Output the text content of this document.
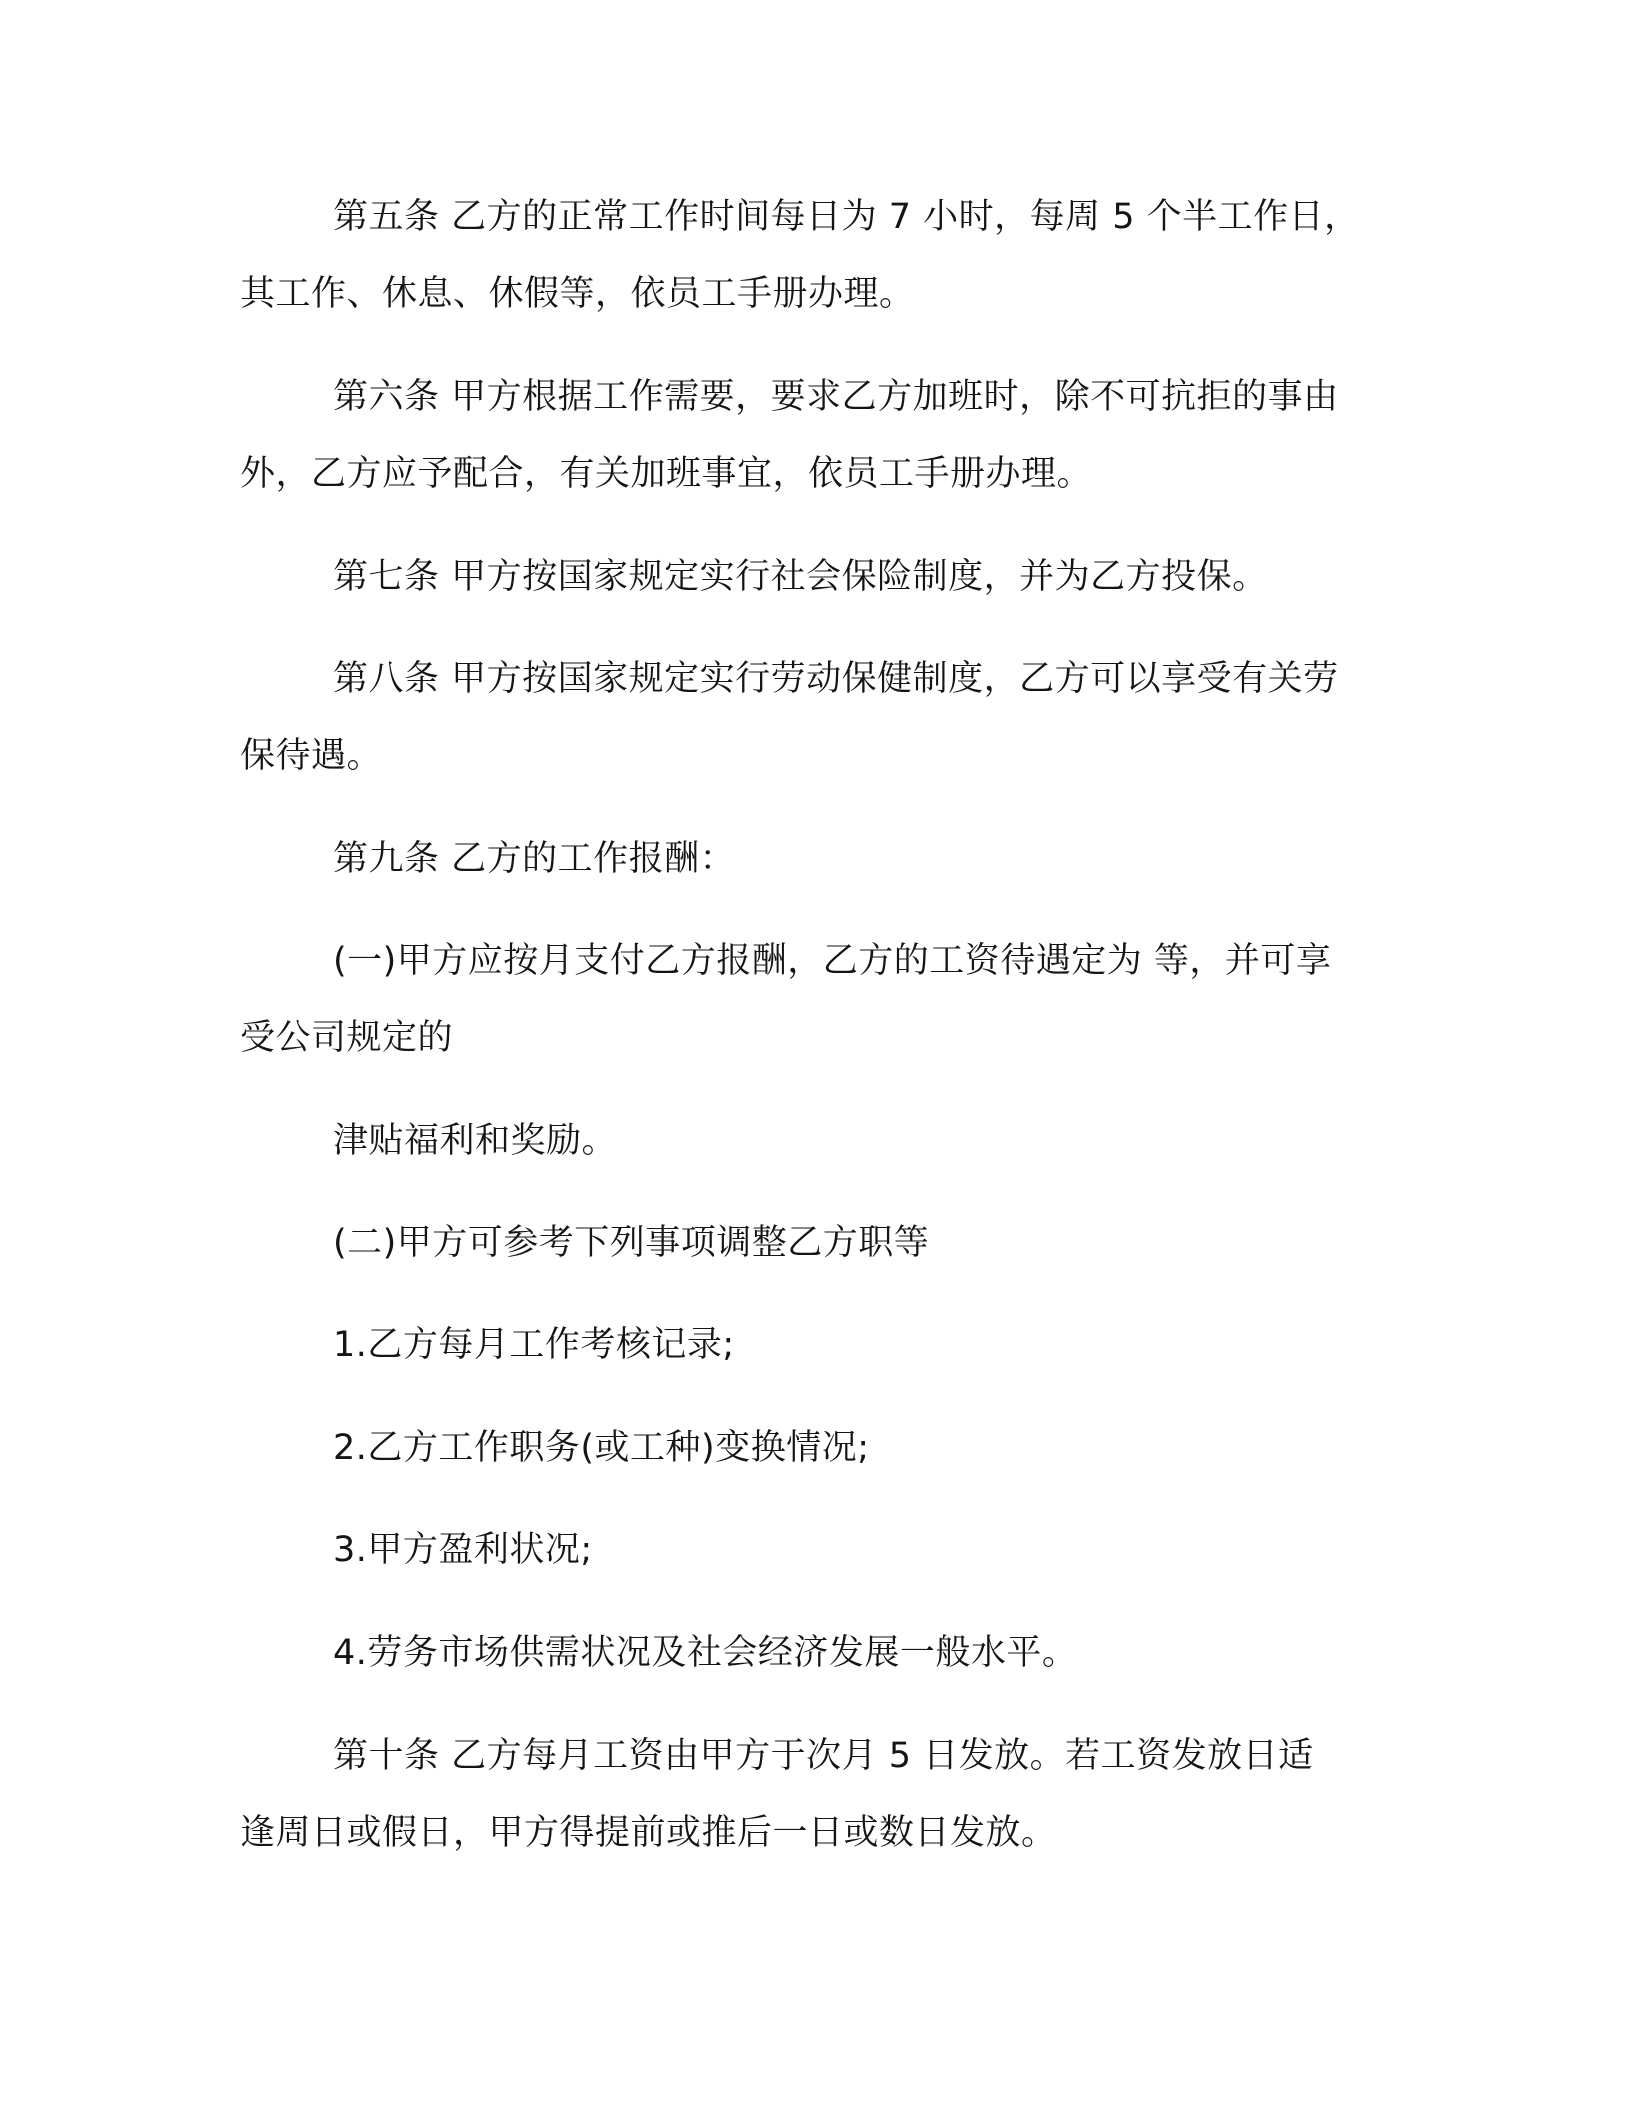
第五条 乙方的正常工作时间每日为 7 小时，每周 5 个半工作日，
其工作、休息、休假等，依员工手册办理。
第六条 甲方根据工作需要，要求乙方加班时，除不可抗拒的事由
外，乙方应予配合，有关加班事宜，依员工手册办理。
第七条 甲方按国家规定实行社会保险制度，并为乙方投保。
第八条 甲方按国家规定实行劳动保健制度，乙方可以享受有关劳
保待遇。
第九条 乙方的工作报酬：
(一)甲方应按月支付乙方报酬，乙方的工资待遇定为 等，并可享
受公司规定的
津贴福利和奖励。
(二)甲方可参考下列事项调整乙方职等
1.乙方每月工作考核记录;
2.乙方工作职务(或工种)变换情况;
3.甲方盈利状况;
4.劳务市场供需状况及社会经济发展一般水平。
第十条 乙方每月工资由甲方于次月 5 日发放。若工资发放日适
逢周日或假日，甲方得提前或推后一日或数日发放。
